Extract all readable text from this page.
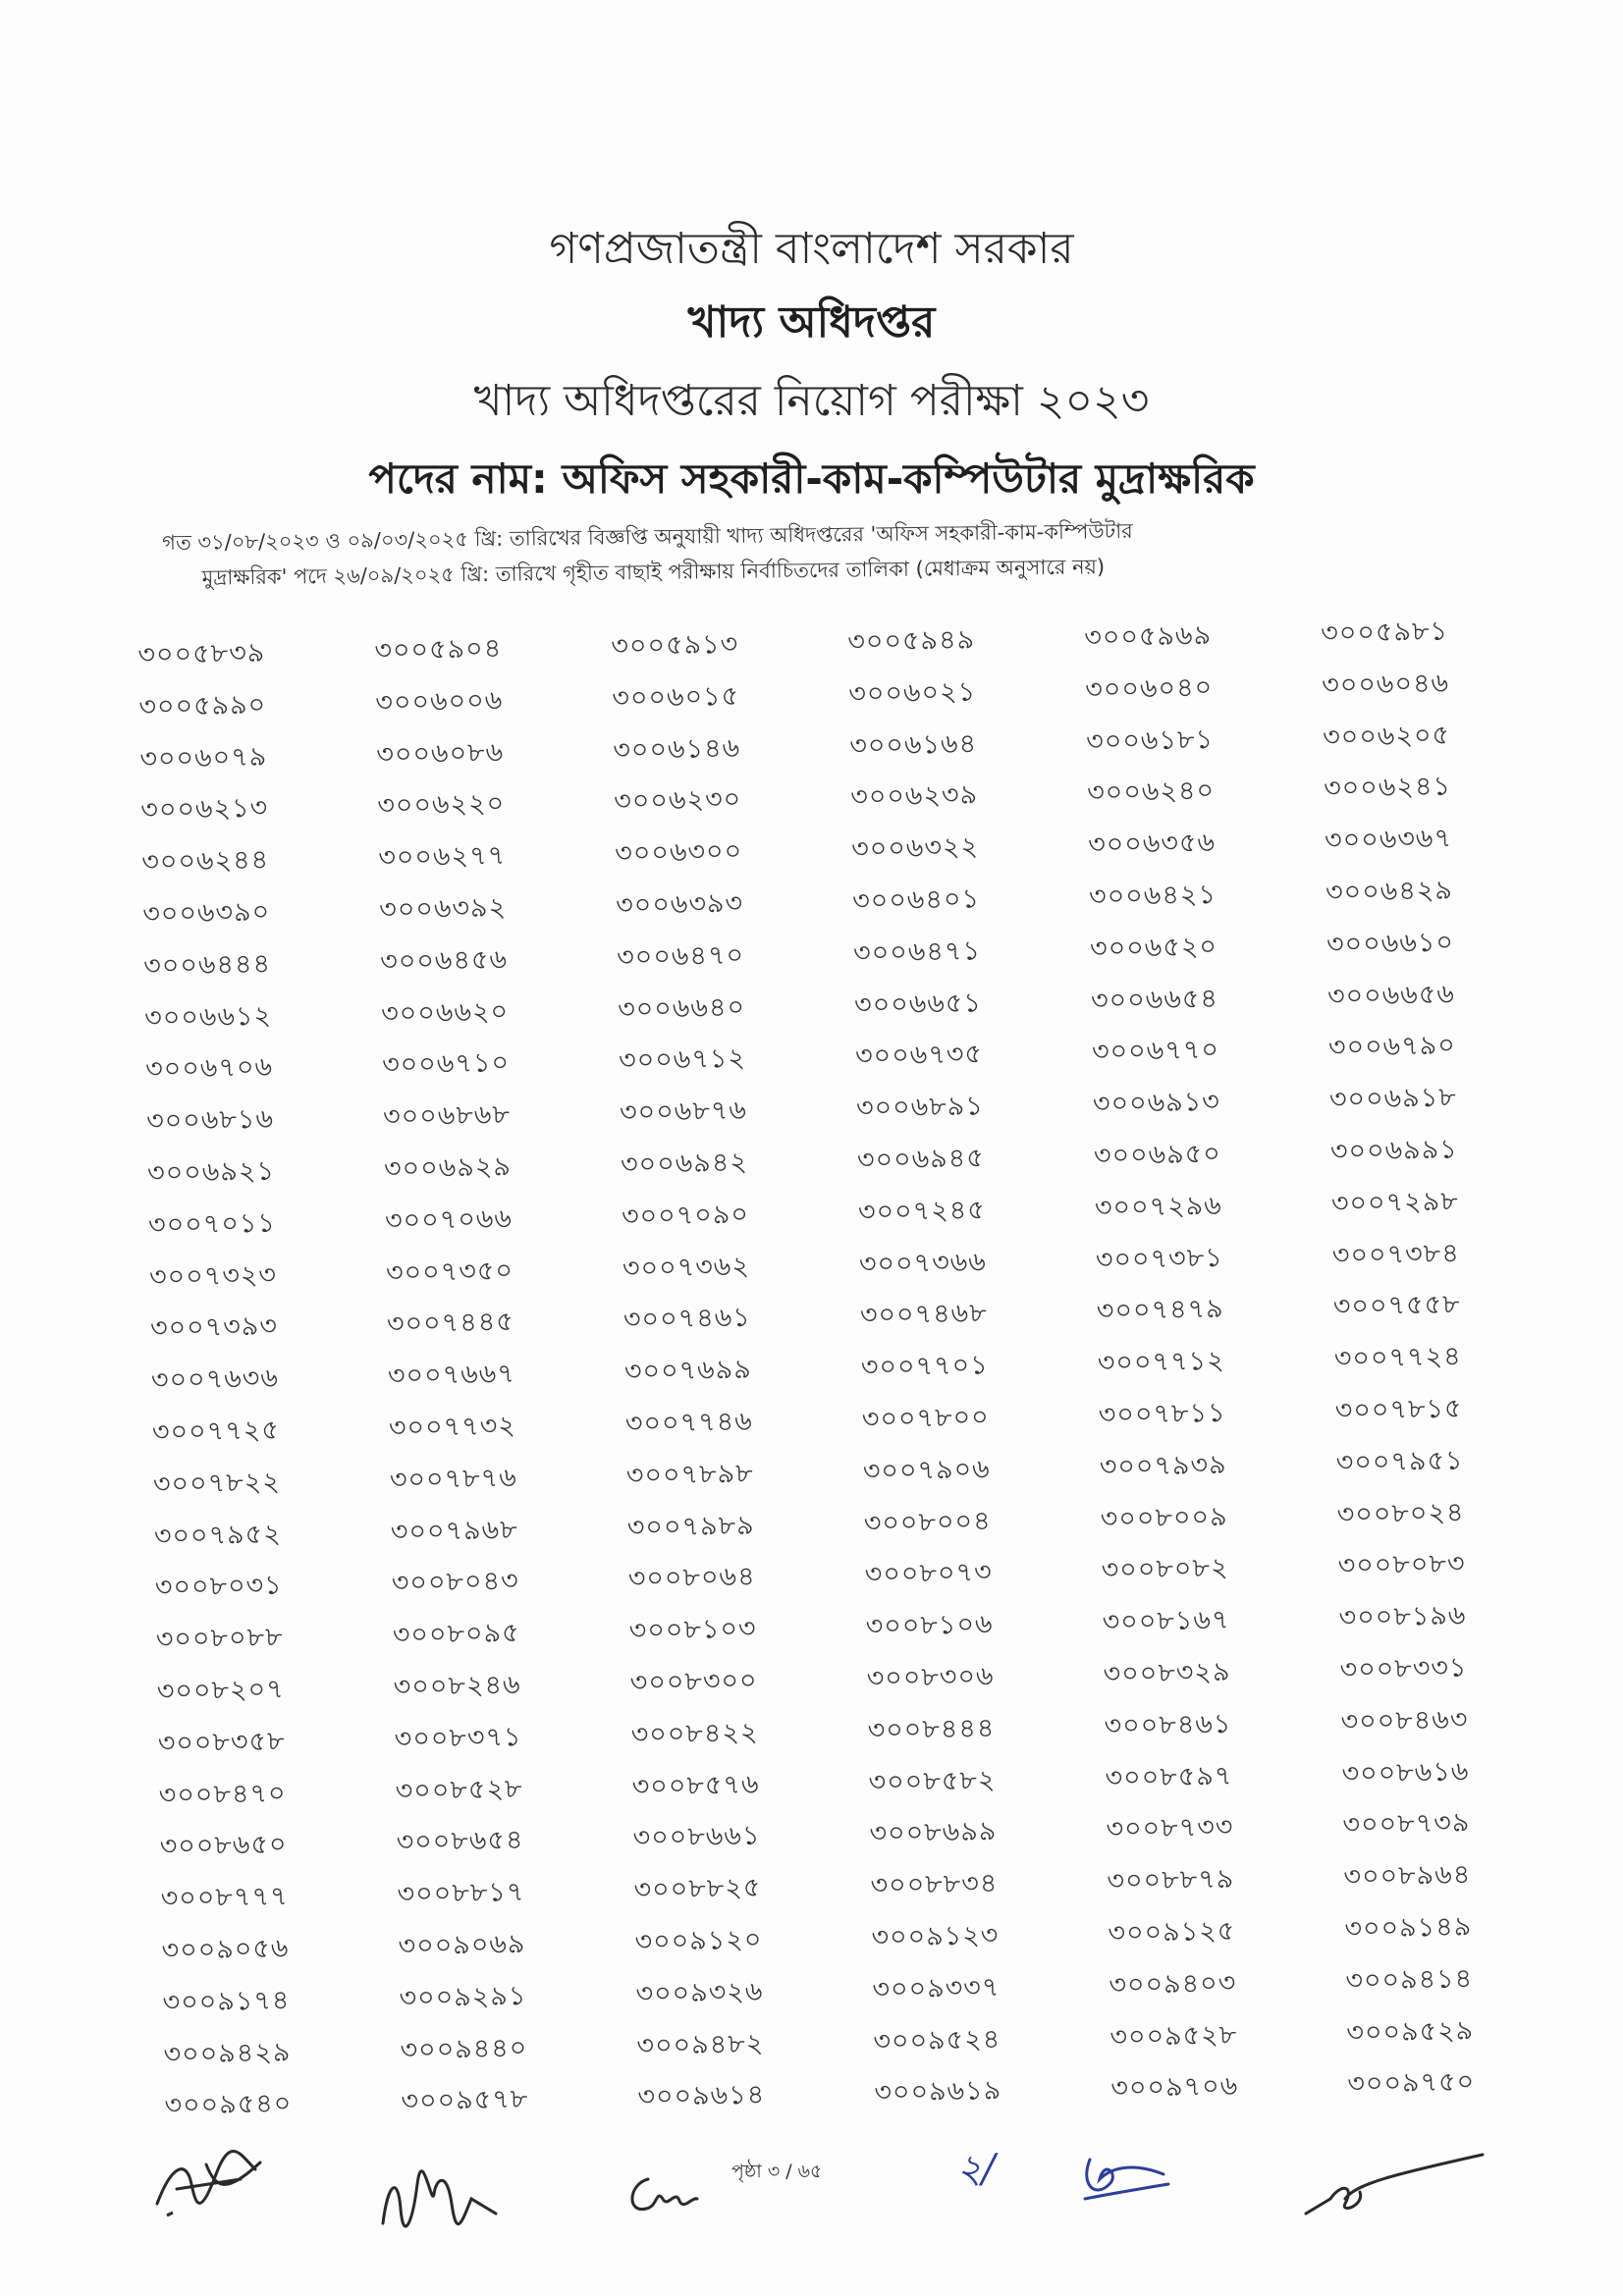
গণপ্রজাতন্ত্রী বাংলাদেশ সরকার
খাদ্য অধিদপ্তর
খাদ্য অধিদপ্তরের নিয়োগ পরীক্ষা ২০২৩
পদের নাম: অফিস সহকারী-কাম-কম্পিউটার মুদ্রাক্ষরিক
গত ৩১/০৮/২০২৩ ও ০৯/০৩/২০২৫ খ্রি: তারিখের বিজ্ঞপ্তি অনুযায়ী খাদ্য অধিদপ্তরের 'অফিস সহকারী-কাম-কম্পিউটার
মুদ্রাক্ষরিক' পদে ২৬/০৯/২০২৫ খ্রি: তারিখে গৃহীত বাছাই পরীক্ষায় নির্বাচিতদের তালিকা (মেধাক্রম অনুসারে নয়)
৩০০৫৮৩৯	৩০০৫৯০৪	৩০০৫৯১৩	৩০০৫৯৪৯	৩০০৫৯৬৯	৩০০৫৯৮১
৩০০৫৯৯০	৩০০৬০০৬	৩০০৬০১৫	৩০০৬০২১	৩০০৬০৪০	৩০০৬০৪৬
৩০০৬০৭৯	৩০০৬০৮৬	৩০০৬১৪৬	৩০০৬১৬৪	৩০০৬১৮১	৩০০৬২০৫
৩০০৬২১৩	৩০০৬২২০	৩০০৬২৩০	৩০০৬২৩৯	৩০০৬২৪০	৩০০৬২৪১
৩০০৬২৪৪	৩০০৬২৭৭	৩০০৬৩০০	৩০০৬৩২২	৩০০৬৩৫৬	৩০০৬৩৬৭
৩০০৬৩৯০	৩০০৬৩৯২	৩০০৬৩৯৩	৩০০৬৪০১	৩০০৬৪২১	৩০০৬৪২৯
৩০০৬৪৪৪	৩০০৬৪৫৬	৩০০৬৪৭০	৩০০৬৪৭১	৩০০৬৫২০	৩০০৬৬১০
৩০০৬৬১২	৩০০৬৬২০	৩০০৬৬৪০	৩০০৬৬৫১	৩০০৬৬৫৪	৩০০৬৬৫৬
৩০০৬৭০৬	৩০০৬৭১০	৩০০৬৭১২	৩০০৬৭৩৫	৩০০৬৭৭০	৩০০৬৭৯০
৩০০৬৮১৬	৩০০৬৮৬৮	৩০০৬৮৭৬	৩০০৬৮৯১	৩০০৬৯১৩	৩০০৬৯১৮
৩০০৬৯২১	৩০০৬৯২৯	৩০০৬৯৪২	৩০০৬৯৪৫	৩০০৬৯৫০	৩০০৬৯৯১
৩০০৭০১১	৩০০৭০৬৬	৩০০৭০৯০	৩০০৭২৪৫	৩০০৭২৯৬	৩০০৭২৯৮
৩০০৭৩২৩	৩০০৭৩৫০	৩০০৭৩৬২	৩০০৭৩৬৬	৩০০৭৩৮১	৩০০৭৩৮৪
৩০০৭৩৯৩	৩০০৭৪৪৫	৩০০৭৪৬১	৩০০৭৪৬৮	৩০০৭৪৭৯	৩০০৭৫৫৮
৩০০৭৬৩৬	৩০০৭৬৬৭	৩০০৭৬৯৯	৩০০৭৭০১	৩০০৭৭১২	৩০০৭৭২৪
৩০০৭৭২৫	৩০০৭৭৩২	৩০০৭৭৪৬	৩০০৭৮০০	৩০০৭৮১১	৩০০৭৮১৫
৩০০৭৮২২	৩০০৭৮৭৬	৩০০৭৮৯৮	৩০০৭৯০৬	৩০০৭৯৩৯	৩০০৭৯৫১
৩০০৭৯৫২	৩০০৭৯৬৮	৩০০৭৯৮৯	৩০০৮০০৪	৩০০৮০০৯	৩০০৮০২৪
৩০০৮০৩১	৩০০৮০৪৩	৩০০৮০৬৪	৩০০৮০৭৩	৩০০৮০৮২	৩০০৮০৮৩
৩০০৮০৮৮	৩০০৮০৯৫	৩০০৮১০৩	৩০০৮১০৬	৩০০৮১৬৭	৩০০৮১৯৬
৩০০৮২০৭	৩০০৮২৪৬	৩০০৮৩০০	৩০০৮৩০৬	৩০০৮৩২৯	৩০০৮৩৩১
৩০০৮৩৫৮	৩০০৮৩৭১	৩০০৮৪২২	৩০০৮৪৪৪	৩০০৮৪৬১	৩০০৮৪৬৩
৩০০৮৪৭০	৩০০৮৫২৮	৩০০৮৫৭৬	৩০০৮৫৮২	৩০০৮৫৯৭	৩০০৮৬১৬
৩০০৮৬৫০	৩০০৮৬৫৪	৩০০৮৬৬১	৩০০৮৬৯৯	৩০০৮৭৩৩	৩০০৮৭৩৯
৩০০৮৭৭৭	৩০০৮৮১৭	৩০০৮৮২৫	৩০০৮৮৩৪	৩০০৮৮৭৯	৩০০৮৯৬৪
৩০০৯০৫৬	৩০০৯০৬৯	৩০০৯১২০	৩০০৯১২৩	৩০০৯১২৫	৩০০৯১৪৯
৩০০৯১৭৪	৩০০৯২৯১	৩০০৯৩২৬	৩০০৯৩৩৭	৩০০৯৪০৩	৩০০৯৪১৪
৩০০৯৪২৯	৩০০৯৪৪০	৩০০৯৪৮২	৩০০৯৫২৪	৩০০৯৫২৮	৩০০৯৫২৯
৩০০৯৫৪০	৩০০৯৫৭৮	৩০০৯৬১৪	৩০০৯৬১৯	৩০০৯৭০৬	৩০০৯৭৫০
পৃষ্ঠা ৩ / ৬৫	২/
